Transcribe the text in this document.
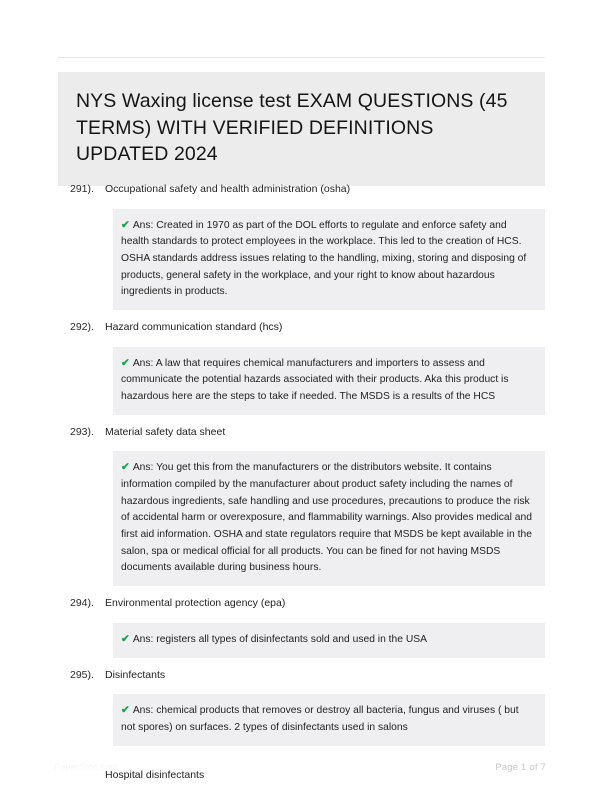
NYS Waxing license test EXAM QUESTIONS (45 TERMS) WITH VERIFIED DEFINITIONS UPDATED 2024
291).	Occupational safety and health administration (osha)

✔ Ans: Created in 1970 as part of the DOL efforts to regulate and enforce safety and health standards to protect employees in the workplace. This led to the creation of HCS. OSHA standards address issues relating to the handling, mixing, storing and disposing of products, general safety in the workplace, and your right to know about hazardous ingredients in products.

292).	Hazard communication standard (hcs)

✔ Ans: A law that requires chemical manufacturers and importers to assess and communicate the potential hazards associated with their products. Aka this product is hazardous here are the steps to take if needed. The MSDS is a results of the HCS

293).	Material safety data sheet

✔ Ans: You get this from the manufacturers or the distributors website. It contains information compiled by the manufacturer about product safety including the names of hazardous ingredients, safe handling and use procedures, precautions to produce the risk of accidental harm or overexposure, and flammability warnings. Also provides medical and first aid information. OSHA and state regulators require that MSDS be kept available in the salon, spa or medical official for all products. You can be fined for not having MSDS documents available during business hours.

294).	Environmental protection agency (epa)

✔ Ans: registers all types of disinfectants sold and used in the USA

295).	Disinfectants

✔ Ans: chemical products that removes or destroy all bacteria, fungus and viruses ( but not spores) on surfaces. 2 types of disinfectants used in salons

Hospital disinfectants
PaperStoc.com	Page 1 of 7
